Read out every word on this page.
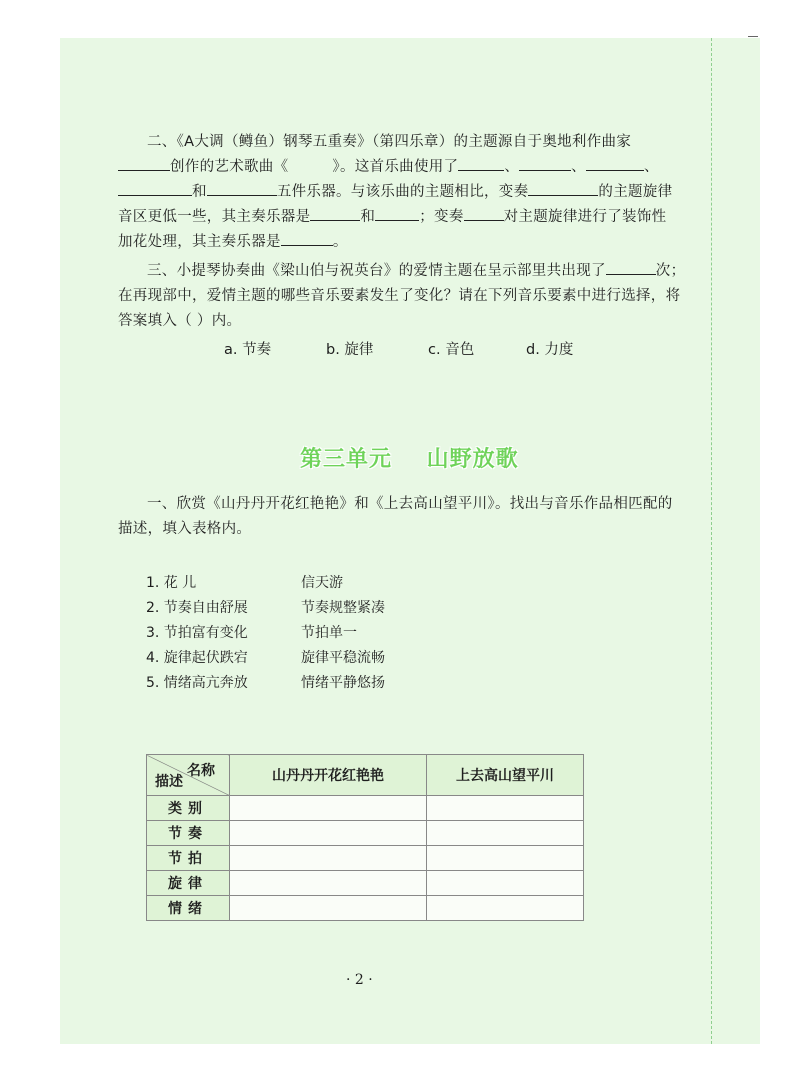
二、《A大调（鳟鱼）钢琴五重奏》（第四乐章）的主题源自于奥地利作曲家
创作的艺术歌曲《	》。这首乐曲使用了	、	、	、
和	五件乐器。与该乐曲的主题相比，变奏	的主题旋律
音区更低一些，其主奏乐器是	和	；变奏	对主题旋律进行了装饰性
加花处理，其主奏乐器是	。
三、小提琴协奏曲《梁山伯与祝英台》的爱情主题在呈示部里共出现了	次；
在再现部中，爱情主题的哪些音乐要素发生了变化？请在下列音乐要素中进行选择，将
答案填入（ ）内。
a. 节奏	b. 旋律	c. 音色	d. 力度
第三单元    山野放歌
一、欣赏《山丹丹开花红艳艳》和《上去高山望平川》。找出与音乐作品相匹配的
描述，填入表格内。
1. 花 儿	信天游
2. 节奏自由舒展	节奏规整紧凑
3. 节拍富有变化	节拍单一
4. 旋律起伏跌宕	旋律平稳流畅
5. 情绪高亢奔放	情绪平静悠扬
名称
描述	山丹丹开花红艳艳	上去高山望平川
类别		
节奏		
节拍		
旋律		
情绪		
· 2 ·
